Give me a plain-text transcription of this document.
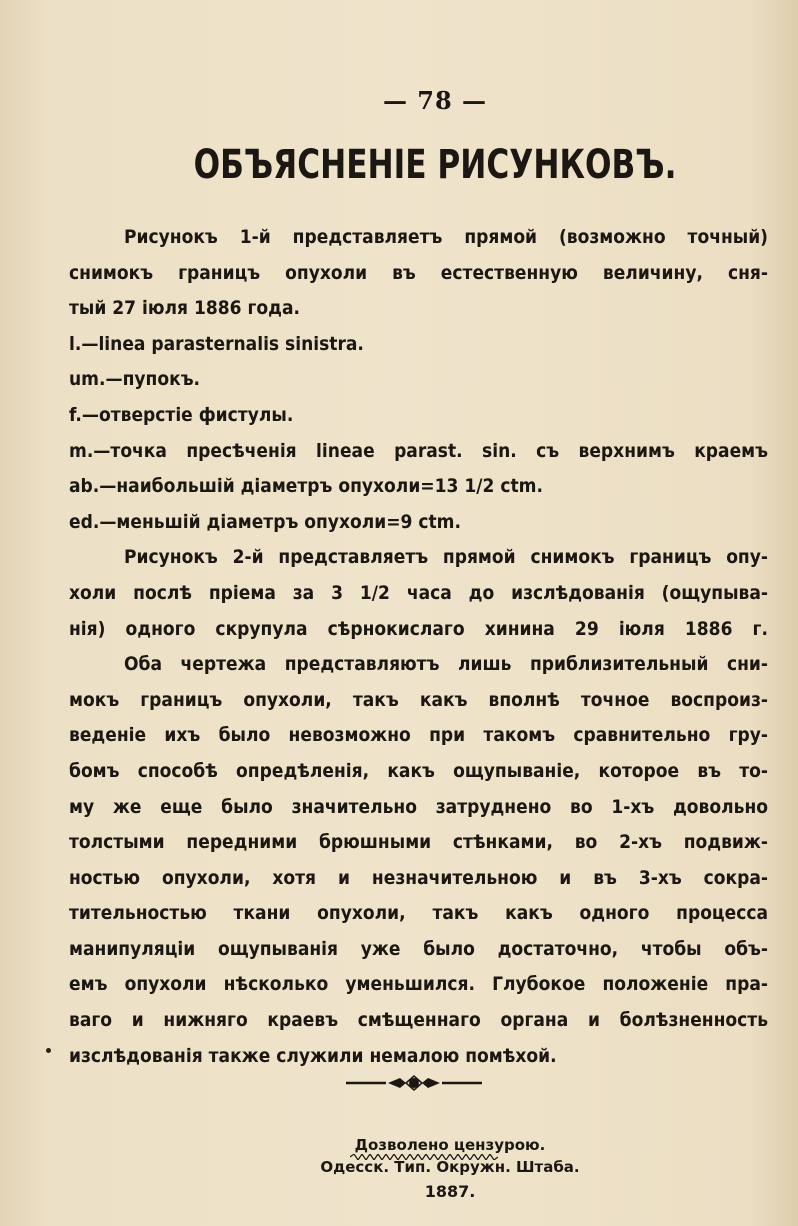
— 78 —
ОБЪЯСНЕНІЕ РИСУНКОВЪ.
Рисунокъ 1-й представляетъ прямой (возможно точный)
снимокъ границъ опухоли въ естественную величину, сня-
тый 27 іюля 1886 года.
l.—linea parasternalis sinistra.
um.—пупокъ.
f.—отверстіе фистулы.
m.—точка пресѣченія lineae parast. sin. съ верхнимъ краемъ
ab.—наибольшій діаметръ опухоли=13 1/2 ctm.
ed.—меньшій діаметръ опухоли=9 ctm.
Рисунокъ 2-й представляетъ прямой снимокъ границъ опу-
холи послѣ пріема за 3 1/2 часа до изслѣдованія (ощупыва-
нія) одного скрупула сѣрнокислаго хинина 29 іюля 1886 г.
Оба чертежа представляютъ лишь приблизительный сни-
мокъ границъ опухоли, такъ какъ вполнѣ точное воспроиз-
веденіе ихъ было невозможно при такомъ сравнительно гру-
бомъ способѣ опредѣленія, какъ ощупываніе, которое въ то-
му же еще было значительно затруднено во 1-хъ довольно
толстыми передними брюшными стѣнками, во 2-хъ подвиж-
ностью опухоли, хотя и незначительною и въ 3-хъ сокра-
тительностью ткани опухоли, такъ какъ одного процесса
манипуляціи ощупыванія уже было достаточно, чтобы объ-
емъ опухоли нѣсколько уменьшился. Глубокое положеніе пра-
ваго и нижняго краевъ смѣщеннаго органа и болѣзненность
изслѣдованія также служили немалою помѣхой.
Дозволено цензурою.
Одесск. Тип. Окружн. Штаба.
1887.
